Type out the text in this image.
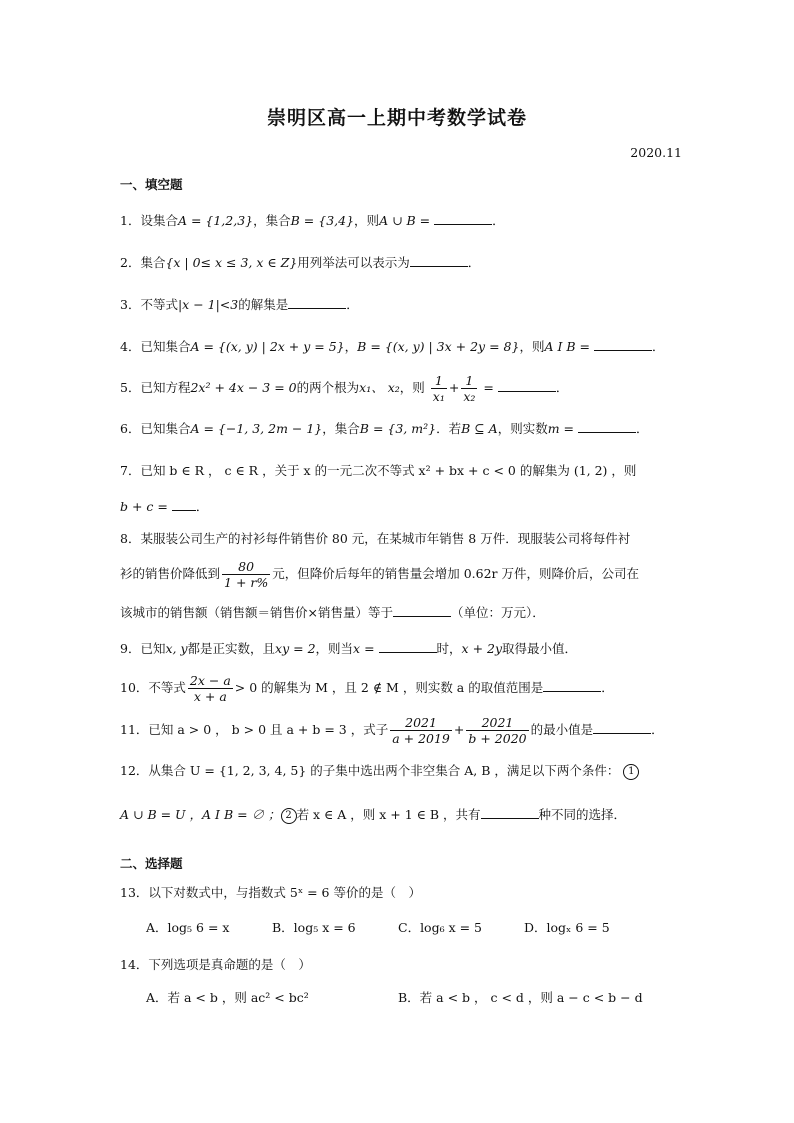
崇明区高一上期中考数学试卷
2020.11
一、填空题
1．设集合A = {1,2,3}，集合B = {3,4}，则A ∪ B =	．
2．集合{x | 0≤ x ≤ 3, x ∈ Z}用列举法可以表示为	．
3．不等式|x − 1|<3的解集是	．
4．已知集合A = {(x, y) | 2x + y = 5}，B = {(x, y) | 3x + 2y = 8}，则A I B =	．
5．已知方程2x² + 4x − 3 = 0的两个根为x₁、 x₂，则 $\frac{1}{\text{x₁}} + \frac{1}{\text{x₂}}$ =	．
6．已知集合A = {−1, 3, 2m − 1}，集合B = {3, m²}．若B ⊆ A，则实数m =	．
7．已知 b ∈ R ， c ∈ R ，关于 x 的一元二次不等式 x² + bx + c < 0 的解集为 (1, 2) ，则
b + c = ．
8．某服装公司生产的衬衫每件销售价 80 元，在某城市年销售 8 万件．现服装公司将每件衬
衫的销售价降低到 $\frac{80}{1 + r\%}$ 元，但降价后每年的销售量会增加 0.62r 万件，则降价后，公司在
该城市的销售额（销售额＝销售价×销售量）等于	（单位：万元）．
9．已知x, y都是正实数，且xy = 2，则当x =	时，x + 2y取得最小值．
10．不等式 $\frac{2x - a}{x + a} > 0$ 的解集为 M ，且 2 ∉ M ，则实数 a 的取值范围是	．
11．已知 a > 0 ， b > 0 且 a + b = 3 ，式子 $\frac{2021}{a + 2019} + \frac{2021}{b + 2020}$ 的最小值是	．
12．从集合 U = {1, 2, 3, 4, 5} 的子集中选出两个非空集合 A, B ，满足以下两个条件： 1
A ∪ B = U ，A I B = ∅ ； 2 若 x ∈ A ，则 x + 1 ∈ B ，共有	种不同的选择．
二、选择题
13．以下对数式中，与指数式 5ˣ = 6 等价的是（　）
A．log₅ 6 = x	B．log₅ x = 6	C．log₆ x = 5	D．logₓ 6 = 5
14．下列选项是真命题的是（　）
A．若 a < b ，则 ac² < bc²	B．若 a < b ， c < d ，则 a − c < b − d
